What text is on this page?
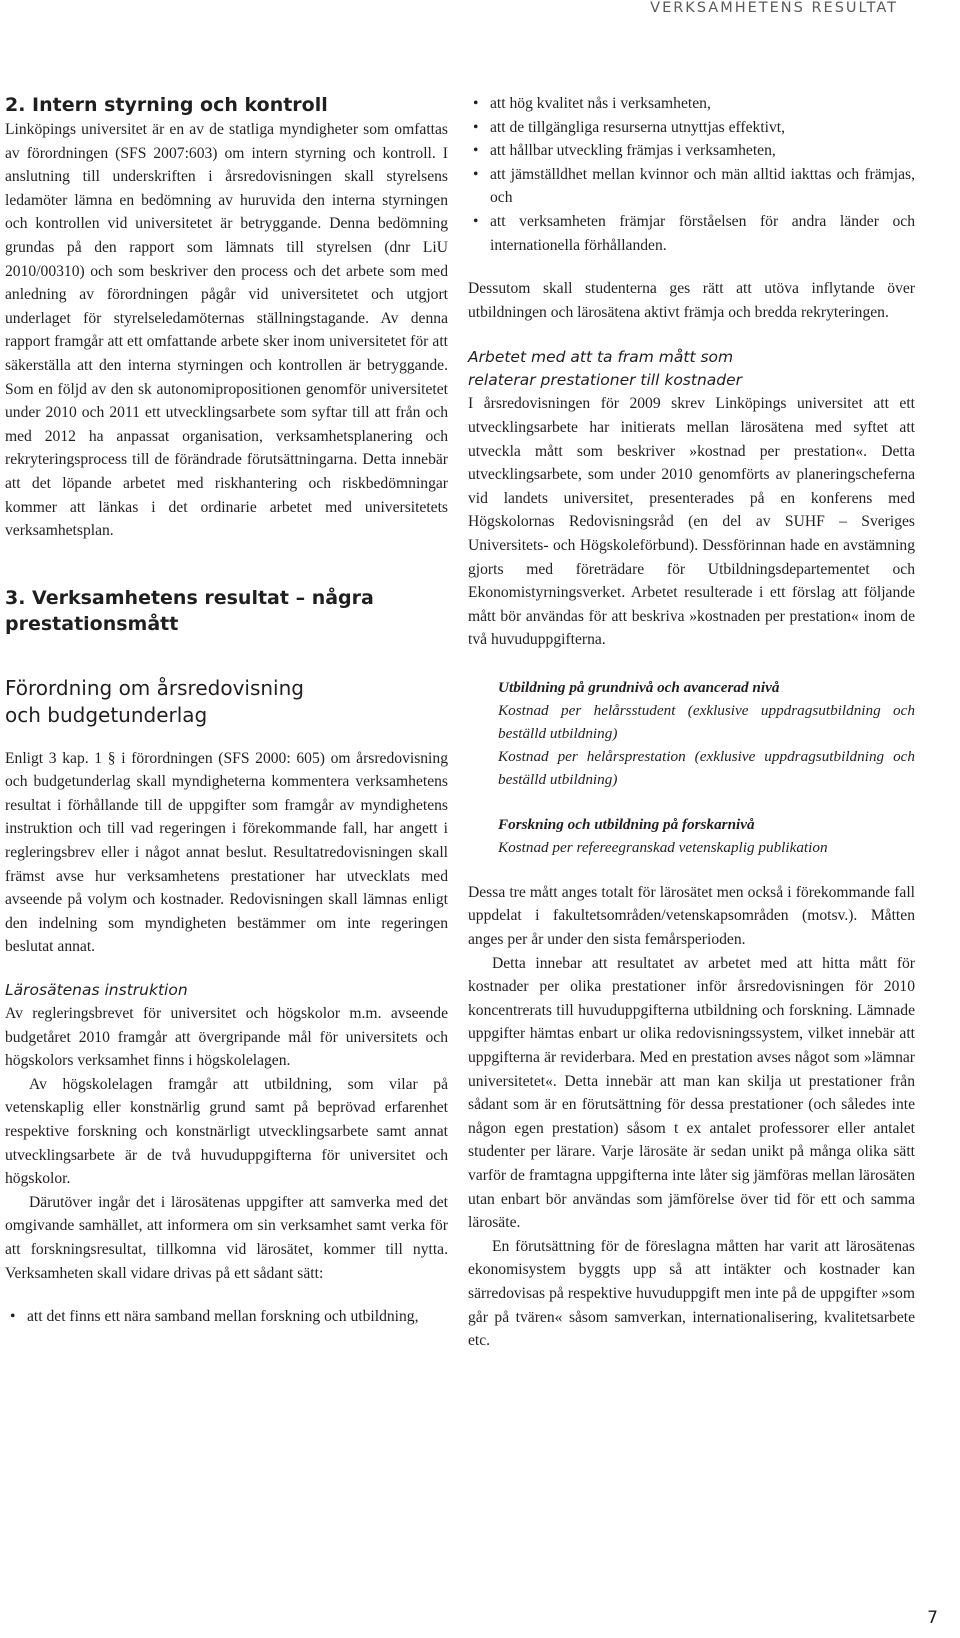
VERKSAMHETENS RESULTAT
2. Intern styrning och kontroll

Linköpings universitet är en av de statliga myndigheter som omfattas av förordningen (SFS 2007:603) om intern styrning och kontroll. I anslutning till underskriften i årsredovisningen skall styrelsens ledamöter lämna en bedömning av huruvida den interna styrningen och kontrollen vid universitetet är betryggande. Denna bedömning grundas på den rapport som lämnats till styrelsen (dnr LiU 2010/00310) och som beskriver den process och det arbete som med anledning av förordningen pågår vid universitetet och utgjort underlaget för styrelseledamöternas ställningstagande. Av denna rapport framgår att ett omfattande arbete sker inom universitetet för att säkerställa att den interna styrningen och kontrollen är betryggande. Som en följd av den sk autonomipropositionen genomför universitetet under 2010 och 2011 ett utvecklingsarbete som syftar till att från och med 2012 ha anpassat organisation, verksamhetsplanering och rekryteringsprocess till de förändrade förutsättningarna. Detta innebär att det löpande arbetet med riskhantering och riskbedömningar kommer att länkas i det ordinarie arbetet med universitetets verksamhetsplan.

3. Verksamhetens resultat – några
prestationsmått
Förordning om årsredovisning
och budgetunderlag

Enligt 3 kap. 1 § i förordningen (SFS 2000: 605) om årsredovisning och budgetunderlag skall myndigheterna kommentera verksamhetens resultat i förhållande till de uppgifter som framgår av myndighetens instruktion och till vad regeringen i förekommande fall, har angett i regleringsbrev eller i något annat beslut. Resultatredovisningen skall främst avse hur verksamhetens prestationer har utvecklats med avseende på volym och kostnader. Redovisningen skall lämnas enligt den indelning som myndigheten bestämmer om inte regeringen beslutat annat.

Lärosätenas instruktion

Av regleringsbrevet för universitet och högskolor m.m. avseende budgetåret 2010 framgår att övergripande mål för universitets och högskolors verksamhet finns i högskolelagen.

Av högskolelagen framgår att utbildning, som vilar på vetenskaplig eller konstnärlig grund samt på beprövad erfarenhet respektive forskning och konstnärligt utvecklingsarbete samt annat utvecklingsarbete är de två huvuduppgifterna för universitet och högskolor.

Därutöver ingår det i lärosätenas uppgifter att samverka med det omgivande samhället, att informera om sin verksamhet samt verka för att forskningsresultat, tillkomna vid lärosätet, kommer till nytta. Verksamheten skall vidare drivas på ett sådant sätt:

• att det finns ett nära samband mellan forskning och utbildning,
• att hög kvalitet nås i verksamheten,
• att de tillgängliga resurserna utnyttjas effektivt,
• att hållbar utveckling främjas i verksamheten,
• att jämställdhet mellan kvinnor och män alltid iakttas och främjas, och
• att verksamheten främjar förståelsen för andra länder och internationella förhållanden.

Dessutom skall studenterna ges rätt att utöva inflytande över utbildningen och lärosätena aktivt främja och bredda rekryteringen.

Arbetet med att ta fram mått som
relaterar prestationer till kostnader

I årsredovisningen för 2009 skrev Linköpings universitet att ett utvecklingsarbete har initierats mellan lärosätena med syftet att utveckla mått som beskriver »kostnad per prestation«. Detta utvecklingsarbete, som under 2010 genomförts av planeringscheferna vid landets universitet, presenterades på en konferens med Högskolornas Redovisningsråd (en del av SUHF – Sveriges Universitets- och Högskoleförbund). Dessförinnan hade en avstämning gjorts med företrädare för Utbildningsdepartementet och Ekonomistyrningsverket. Arbetet resulterade i ett förslag att följande mått bör användas för att beskriva »kostnaden per prestation« inom de två huvuduppgifterna.

Utbildning på grundnivå och avancerad nivå
Kostnad per helårsstudent (exklusive uppdragsutbildning och beställd utbildning)
Kostnad per helårsprestation (exklusive uppdragsutbildning och beställd utbildning)
Forskning och utbildning på forskarnivå
Kostnad per refereegranskad vetenskaplig publikation

Dessa tre mått anges totalt för lärosätet men också i förekommande fall uppdelat i fakultetsområden/vetenskapsområden (motsv.). Måtten anges per år under den sista femårsperioden.

Detta innebar att resultatet av arbetet med att hitta mått för kostnader per olika prestationer inför årsredovisningen för 2010 koncentrerats till huvuduppgifterna utbildning och forskning. Lämnade uppgifter hämtas enbart ur olika redovisningssystem, vilket innebär att uppgifterna är reviderbara. Med en prestation avses något som »lämnar universitetet«. Detta innebär att man kan skilja ut prestationer från sådant som är en förutsättning för dessa prestationer (och således inte någon egen prestation) såsom t ex antalet professorer eller antalet studenter per lärare. Varje lärosäte är sedan unikt på många olika sätt varför de framtagna uppgifterna inte låter sig jämföras mellan lärosäten utan enbart bör användas som jämförelse över tid för ett och samma lärosäte.

En förutsättning för de föreslagna måtten har varit att lärosätenas ekonomisystem byggts upp så att intäkter och kostnader kan särredovisas på respektive huvuduppgift men inte på de uppgifter »som går på tvären« såsom samverkan, internationalisering, kvalitetsarbete etc.

7
